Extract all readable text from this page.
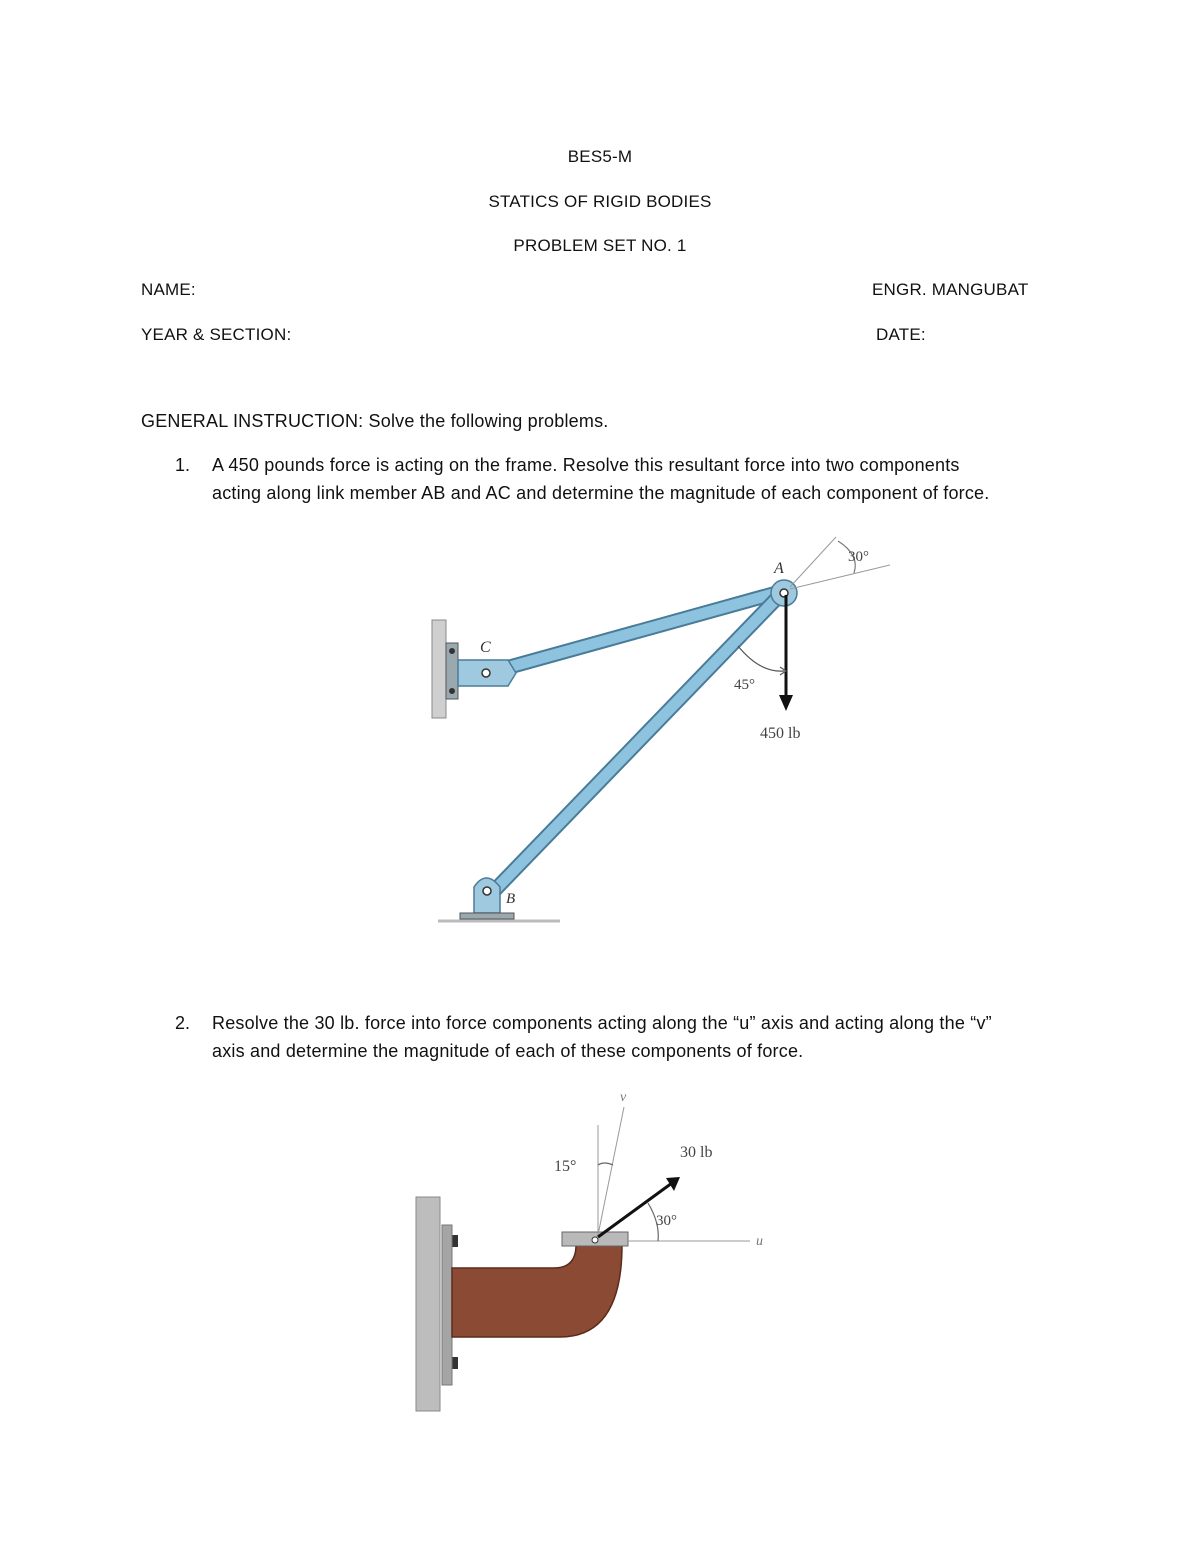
BES5-M
STATICS OF RIGID BODIES
PROBLEM SET NO. 1
NAME:	ENGR. MANGUBAT
YEAR & SECTION:	DATE:
GENERAL INSTRUCTION: Solve the following problems.
1. A 450 pounds force is acting on the frame. Resolve this resultant force into two components
acting along link member AB and AC and determine the magnitude of each component of force.
A
C
B
30°
45°
450 lb
2. Resolve the 30 lb. force into force components acting along the “u” axis and acting along the “v”
axis and determine the magnitude of each of these components of force.
v
u
15°
30°
30 lb
